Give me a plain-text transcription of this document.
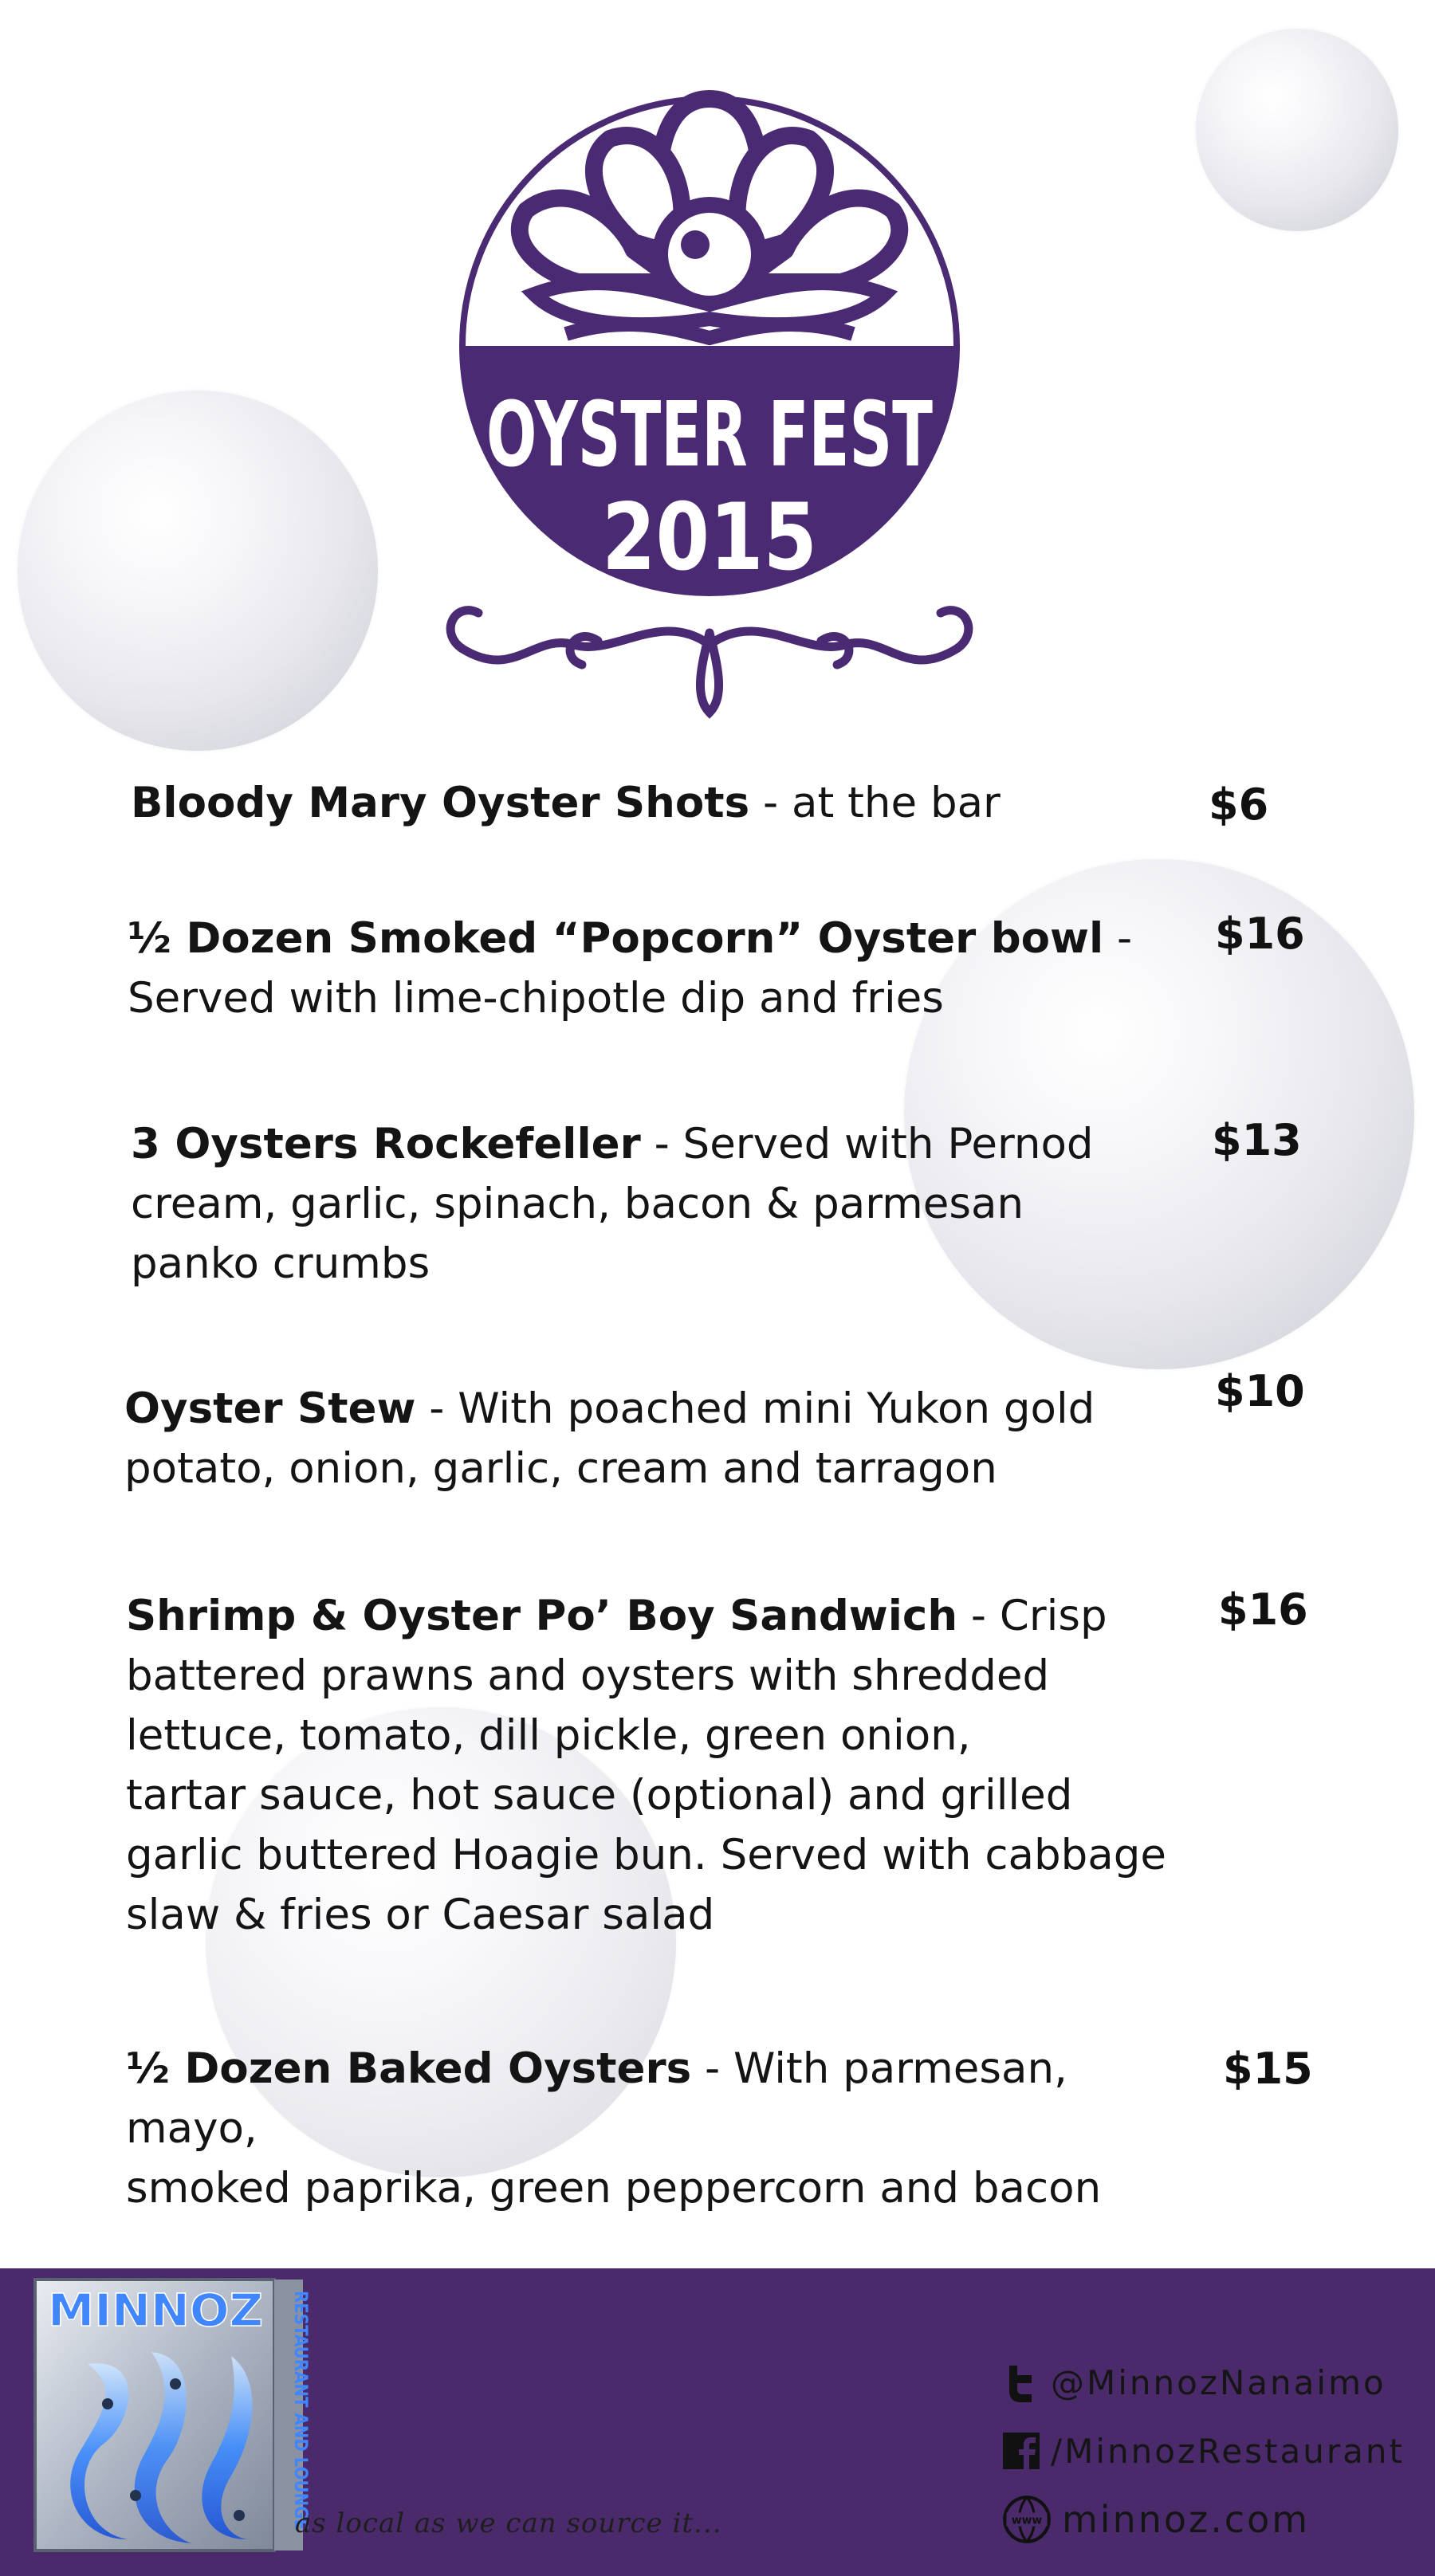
OYSTER FEST
2015
Bloody Mary Oyster Shots - at the bar	$6
½ Dozen Smoked “Popcorn” Oyster bowl -
Served with lime-chipotle dip and fries
$16
3 Oysters Rockefeller - Served with Pernod
cream, garlic, spinach, bacon & parmesan
panko crumbs
$13
Oyster Stew - With poached mini Yukon gold
potato, onion, garlic, cream and tarragon
$10
Shrimp & Oyster Po’ Boy Sandwich - Crisp
battered prawns and oysters with shredded
lettuce, tomato, dill pickle, green onion,
tartar sauce, hot sauce (optional) and grilled
garlic buttered Hoagie bun. Served with cabbage
slaw & fries or Caesar salad
$16
½ Dozen Baked Oysters - With parmesan, mayo,
smoked paprika, green peppercorn and bacon
$15
MINNOZ RESTAURANT AND LOUNGE
as local as we can source it...
@MinnozNanaimo
/MinnozRestaurant
www minnoz.com
